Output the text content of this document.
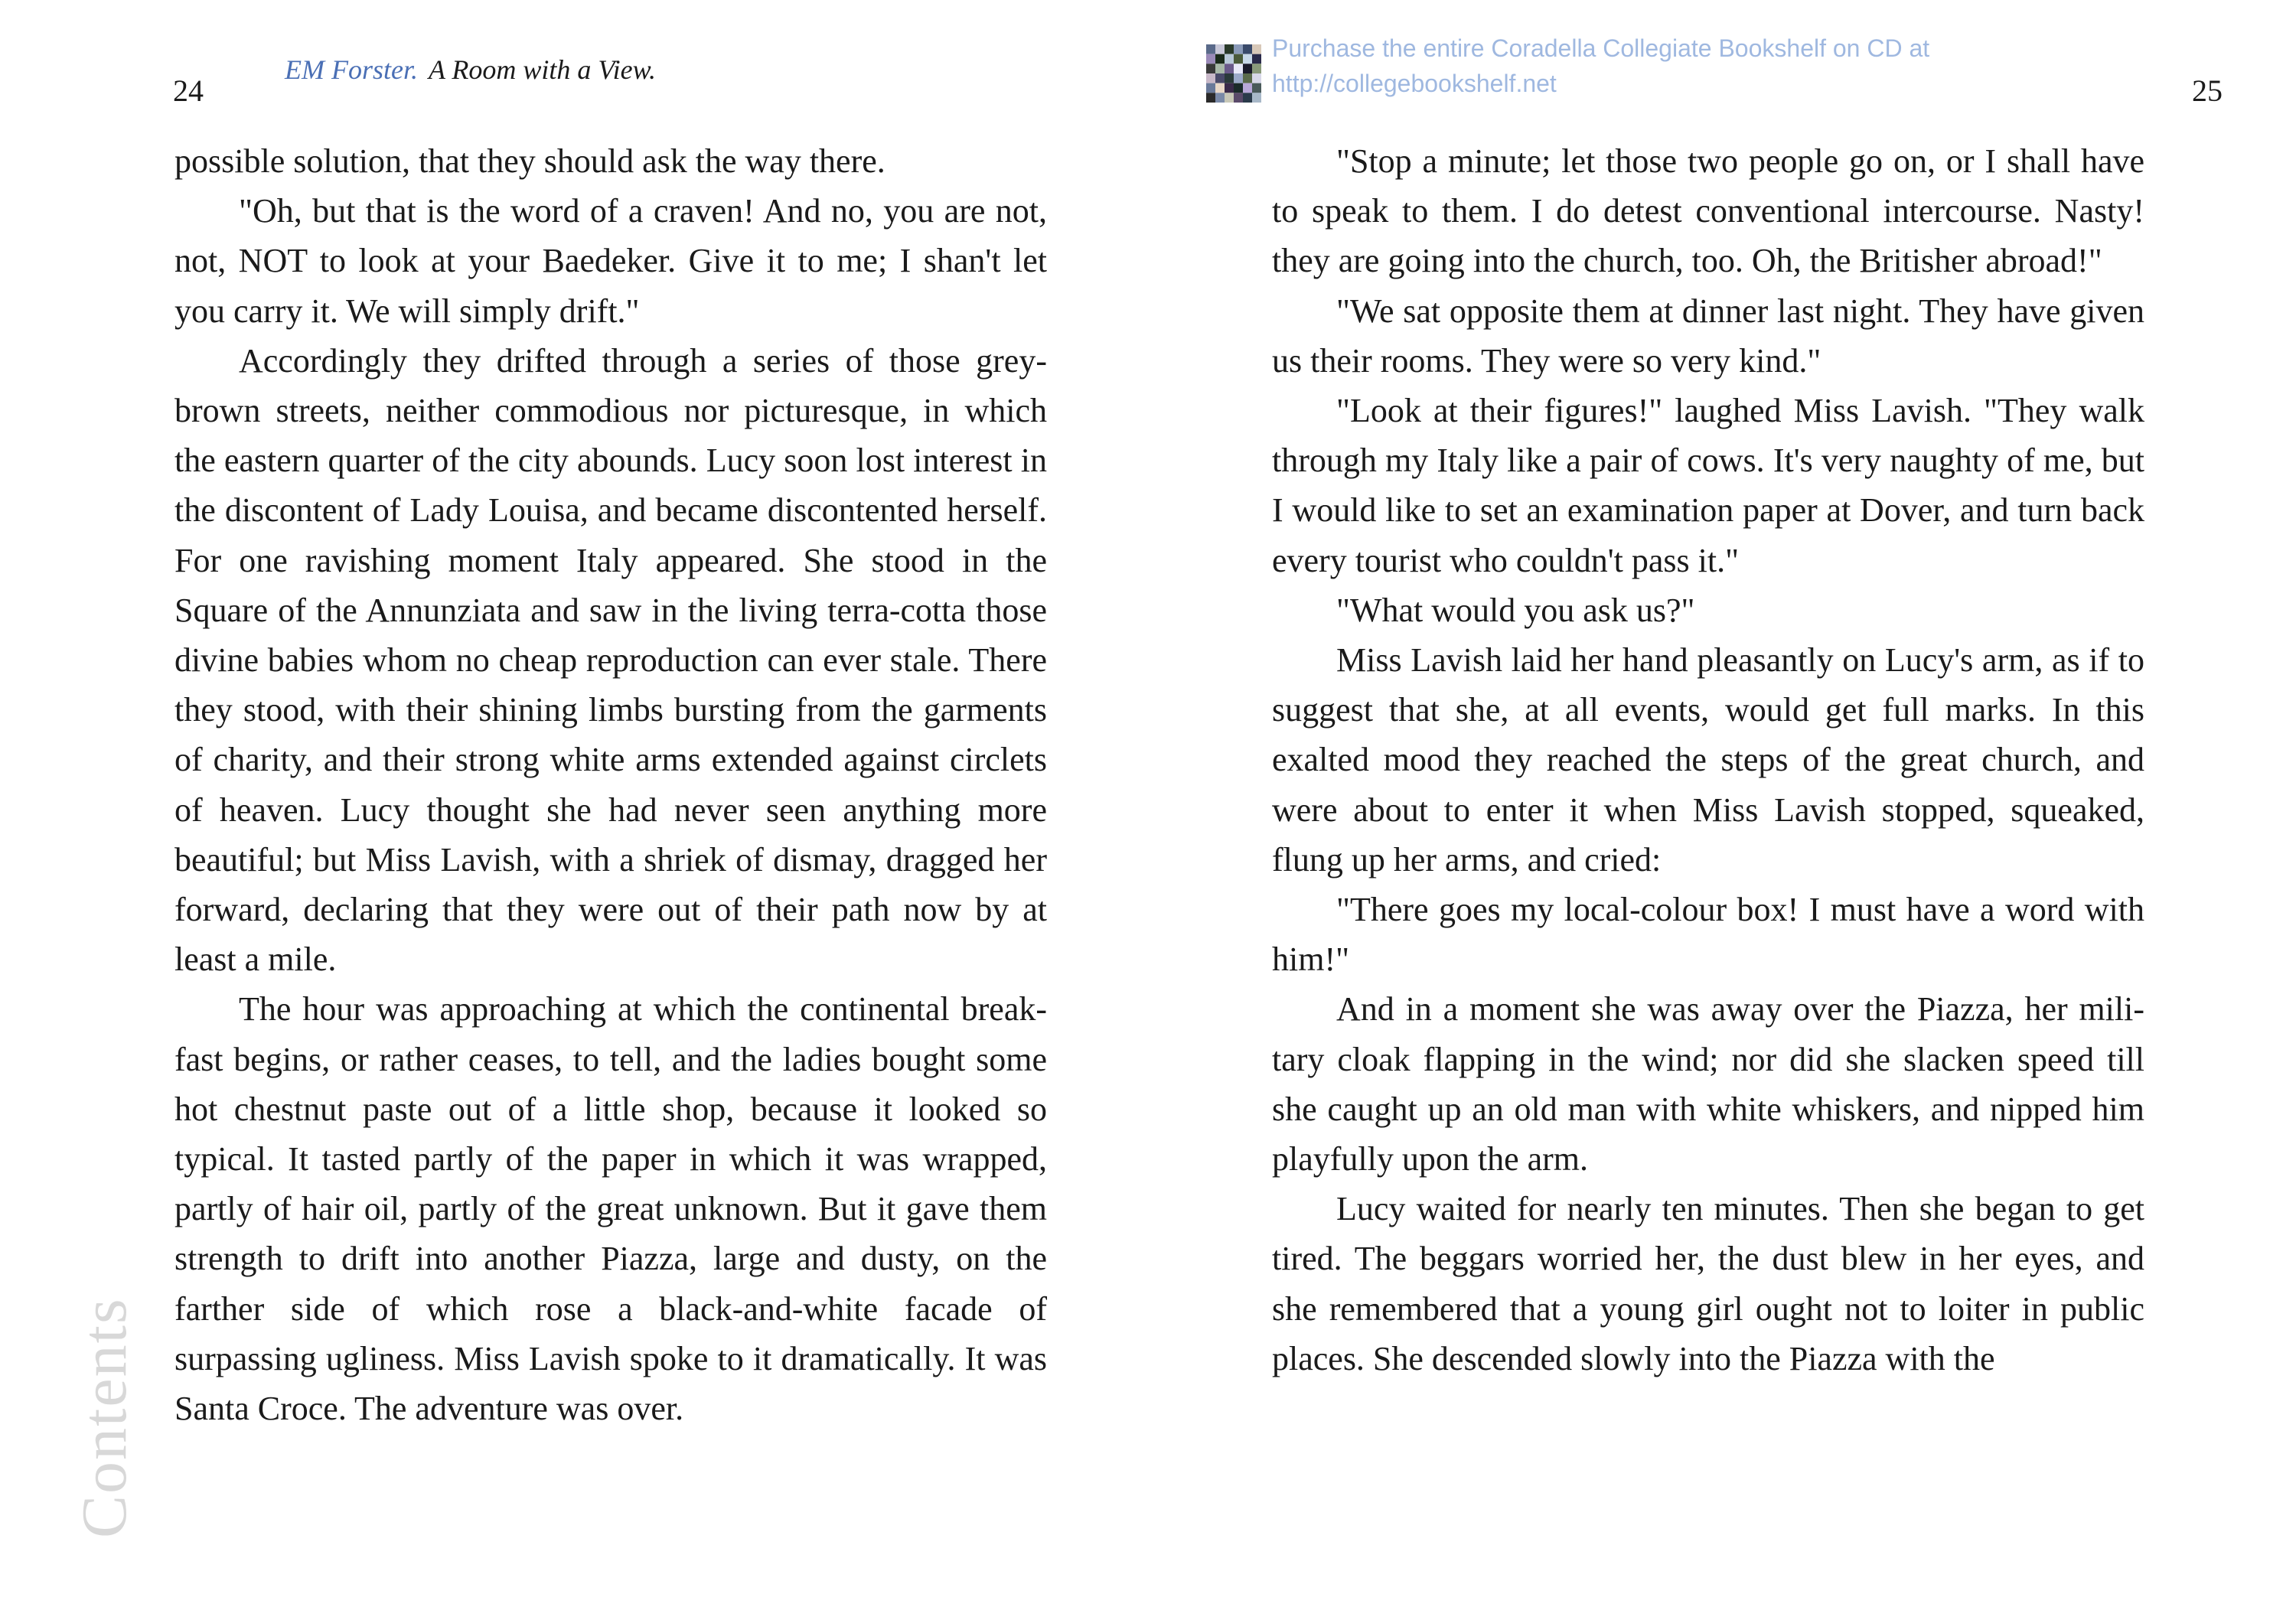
24
EM Forster. A Room with a View.

possible solution, that they should ask the way there.

"Oh, but that is the word of a craven! And no, you are not, not, NOT to look at your Baedeker. Give it to me; I shan't let you carry it. We will simply drift."

Accordingly they drifted through a series of those grey-brown streets, neither commodious nor picturesque, in which the eastern quarter of the city abounds. Lucy soon lost interest in the discontent of Lady Louisa, and became discontented herself. For one ravishing moment Italy appeared. She stood in the Square of the Annunziata and saw in the living terra-cotta those divine babies whom no cheap reproduction can ever stale. There they stood, with their shining limbs bursting from the garments of charity, and their strong white arms extended against circlets of heaven. Lucy thought she had never seen anything more beautiful; but Miss Lavish, with a shriek of dismay, dragged her forward, declaring that they were out of their path now by at least a mile.

The hour was approaching at which the continental breakfast begins, or rather ceases, to tell, and the ladies bought some hot chestnut paste out of a little shop, because it looked so typical. It tasted partly of the paper in which it was wrapped, partly of hair oil, partly of the great unknown. But it gave them strength to drift into another Piazza, large and dusty, on the farther side of which rose a black-and-white facade of surpassing ugliness. Miss Lavish spoke to it dramatically. It was Santa Croce. The adventure was over.

Contents
Purchase the entire Coradella Collegiate Bookshelf on CD at
http://collegebookshelf.net	25

"Stop a minute; let those two people go on, or I shall have to speak to them. I do detest conventional intercourse. Nasty! they are going into the church, too. Oh, the Britisher abroad!"

"We sat opposite them at dinner last night. They have given us their rooms. They were so very kind."

"Look at their figures!" laughed Miss Lavish. "They walk through my Italy like a pair of cows. It's very naughty of me, but I would like to set an examination paper at Dover, and turn back every tourist who couldn't pass it."

"What would you ask us?"

Miss Lavish laid her hand pleasantly on Lucy's arm, as if to suggest that she, at all events, would get full marks. In this exalted mood they reached the steps of the great church, and were about to enter it when Miss Lavish stopped, squeaked, flung up her arms, and cried:

"There goes my local-colour box! I must have a word with him!"

And in a moment she was away over the Piazza, her military cloak flapping in the wind; nor did she slacken speed till she caught up an old man with white whiskers, and nipped him playfully upon the arm.

Lucy waited for nearly ten minutes. Then she began to get tired. The beggars worried her, the dust blew in her eyes, and she remembered that a young girl ought not to loiter in public places. She descended slowly into the Piazza with the
